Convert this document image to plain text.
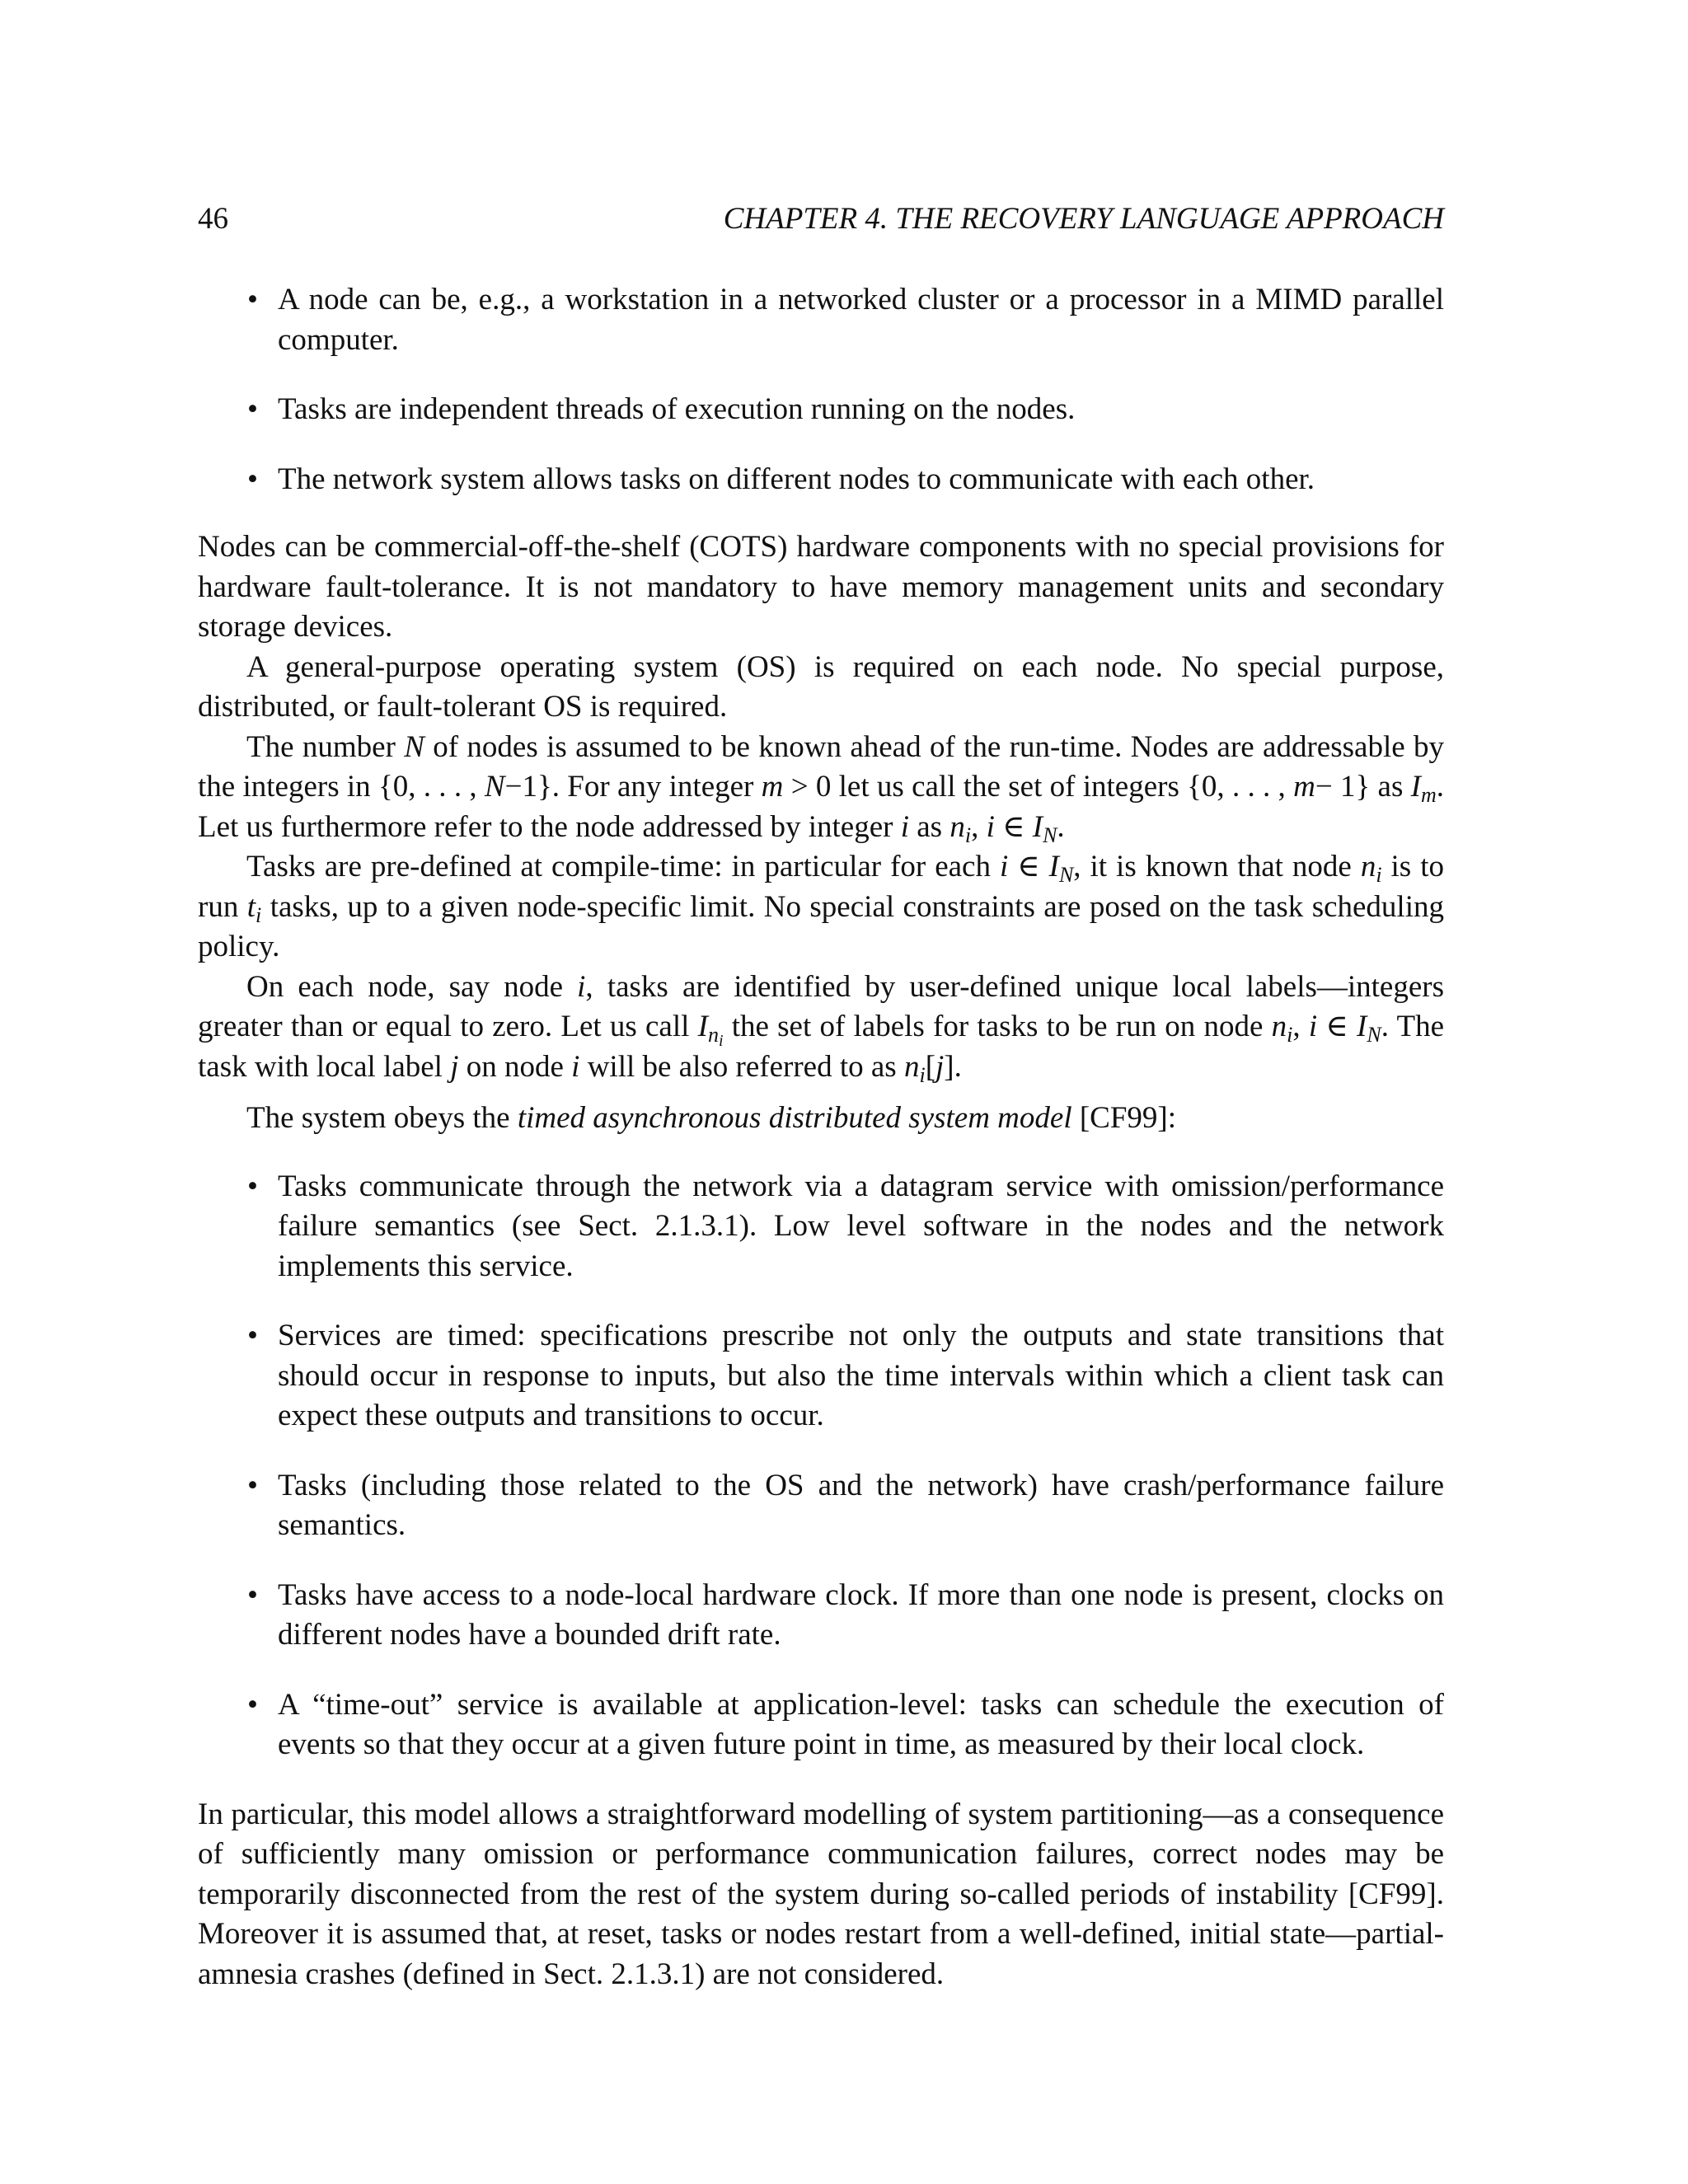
46	CHAPTER 4. THE RECOVERY LANGUAGE APPROACH
• A node can be, e.g., a workstation in a networked cluster or a processor in a MIMD parallel computer.
• Tasks are independent threads of execution running on the nodes.
• The network system allows tasks on different nodes to communicate with each other.

Nodes can be commercial-off-the-shelf (COTS) hardware components with no special provisions for hardware fault-tolerance. It is not mandatory to have memory management units and secondary storage devices.

A general-purpose operating system (OS) is required on each node. No special purpose, distributed, or fault-tolerant OS is required.

The number N of nodes is assumed to be known ahead of the run-time. Nodes are addressable by the integers in {0, . . . , N−1}. For any integer m > 0 let us call the set of integers {0, . . . , m− 1} as $I_m$. Let us furthermore refer to the node addressed by integer i as $n_i$, i ∈ $I_N$.

Tasks are pre-defined at compile-time: in particular for each i ∈ $I_N$, it is known that node $n_i$ is to run $t_i$ tasks, up to a given node-specific limit. No special constraints are posed on the task scheduling policy.

On each node, say node i, tasks are identified by user-defined unique local labels—integers greater than or equal to zero. Let us call $I_{n_i}$ the set of labels for tasks to be run on node $n_i$, i ∈ $I_N$. The task with local label j on node i will be also referred to as $n_i[j]$.

The system obeys the timed asynchronous distributed system model [CF99]:

• Tasks communicate through the network via a datagram service with omission/performance failure semantics (see Sect. 2.1.3.1). Low level software in the nodes and the network implements this service.
• Services are timed: specifications prescribe not only the outputs and state transitions that should occur in response to inputs, but also the time intervals within which a client task can expect these outputs and transitions to occur.
• Tasks (including those related to the OS and the network) have crash/performance failure semantics.
• Tasks have access to a node-local hardware clock. If more than one node is present, clocks on different nodes have a bounded drift rate.
• A “time-out” service is available at application-level: tasks can schedule the execution of events so that they occur at a given future point in time, as measured by their local clock.

In particular, this model allows a straightforward modelling of system partitioning—as a consequence of sufficiently many omission or performance communication failures, correct nodes may be temporarily disconnected from the rest of the system during so-called periods of instability [CF99]. Moreover it is assumed that, at reset, tasks or nodes restart from a well-defined, initial state—partial-amnesia crashes (defined in Sect. 2.1.3.1) are not considered.
